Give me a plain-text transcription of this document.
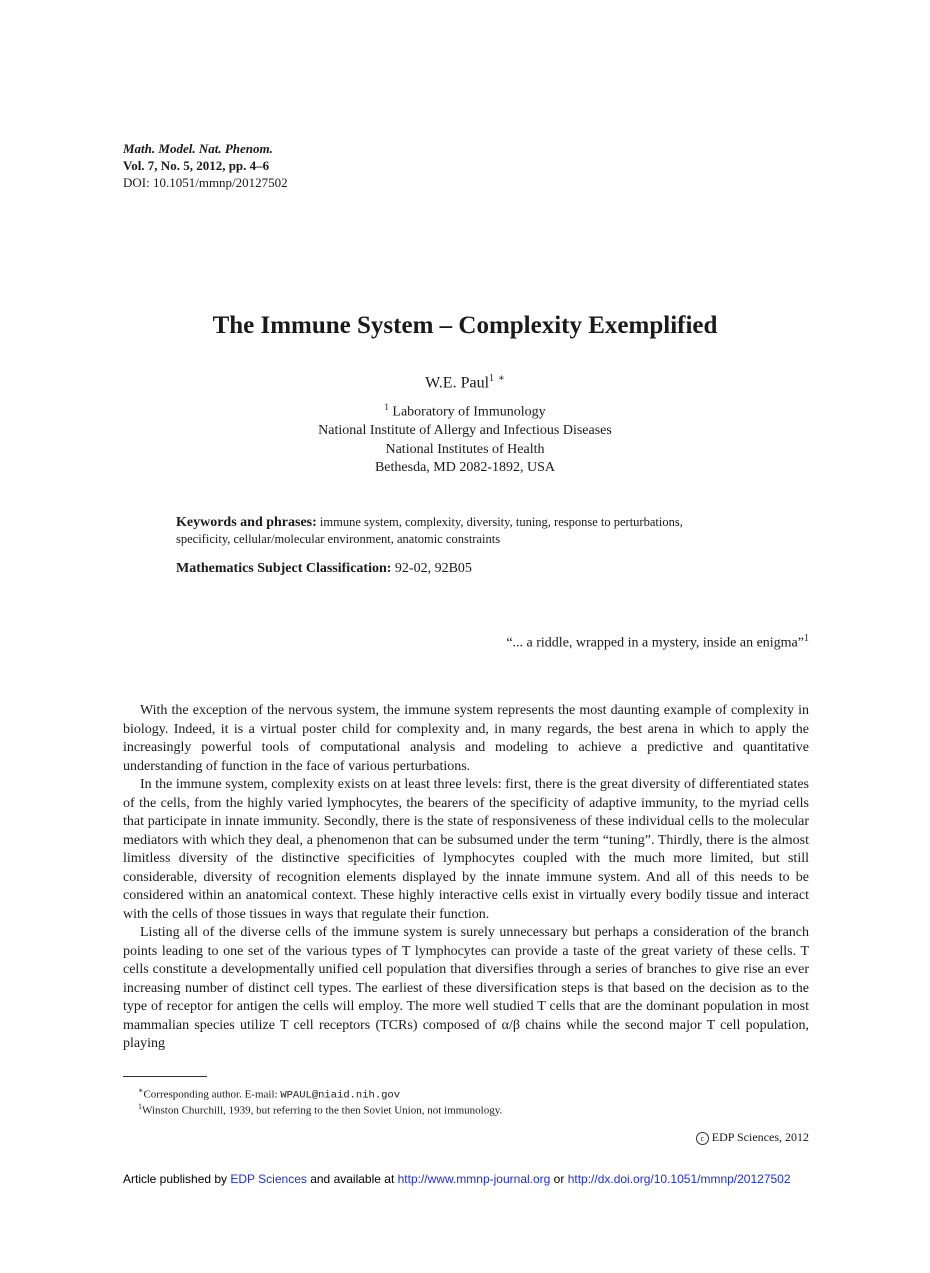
Math. Model. Nat. Phenom.
Vol. 7, No. 5, 2012, pp. 4–6
DOI: 10.1051/mmnp/20127502
The Immune System – Complexity Exemplified
W.E. Paul$^1$ ∗
$^1$ Laboratory of Immunology
National Institute of Allergy and Infectious Diseases
National Institutes of Health
Bethesda, MD 2082-1892, USA
Keywords and phrases: immune system, complexity, diversity, tuning, response to perturbations, specificity, cellular/molecular environment, anatomic constraints
Mathematics Subject Classification: 92-02, 92B05
“... a riddle, wrapped in a mystery, inside an enigma”$^1$

With the exception of the nervous system, the immune system represents the most daunting example of complexity in biology. Indeed, it is a virtual poster child for complexity and, in many regards, the best arena in which to apply the increasingly powerful tools of computational analysis and modeling to achieve a predictive and quantitative understanding of function in the face of various perturbations.

In the immune system, complexity exists on at least three levels: first, there is the great diversity of differentiated states of the cells, from the highly varied lymphocytes, the bearers of the specificity of adaptive immunity, to the myriad cells that participate in innate immunity. Secondly, there is the state of responsiveness of these individual cells to the molecular mediators with which they deal, a phenomenon that can be subsumed under the term “tuning”. Thirdly, there is the almost limitless diversity of the distinctive specificities of lymphocytes coupled with the much more limited, but still considerable, diversity of recognition elements displayed by the innate immune system. And all of this needs to be considered within an anatomical context. These highly interactive cells exist in virtually every bodily tissue and interact with the cells of those tissues in ways that regulate their function.

Listing all of the diverse cells of the immune system is surely unnecessary but perhaps a consideration of the branch points leading to one set of the various types of T lymphocytes can provide a taste of the great variety of these cells. T cells constitute a developmentally unified cell population that diversifies through a series of branches to give rise an ever increasing number of distinct cell types. The earliest of these diversification steps is that based on the decision as to the type of receptor for antigen the cells will employ. The more well studied T cells that are the dominant population in most mammalian species utilize T cell receptors (TCRs) composed of α/β chains while the second major T cell population, playing

∗Corresponding author. E-mail: WPAUL@niaid.nih.gov
$^1$Winston Churchill, 1939, but referring to the then Soviet Union, not immunology.
c EDP Sciences, 2012
Article published by EDP Sciences and available at http://www.mmnp-journal.org or http://dx.doi.org/10.1051/mmnp/20127502
